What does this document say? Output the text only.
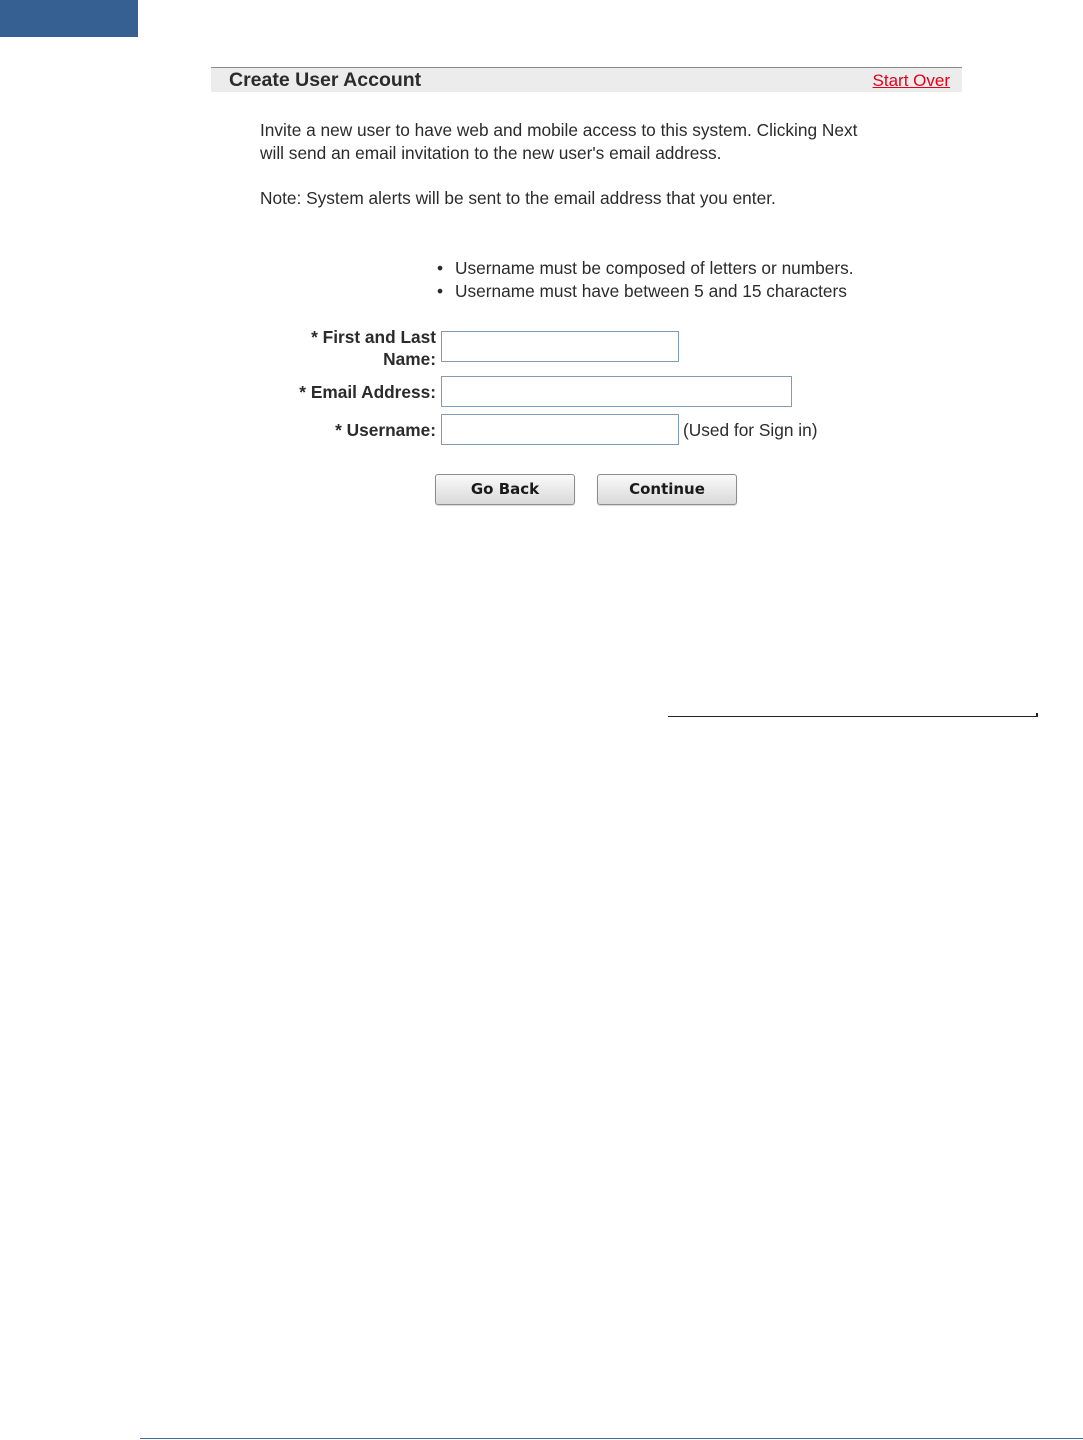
Create User Account	Start Over
Invite a new user to have web and mobile access to this system. Clicking Next
will send an email invitation to the new user's email address.
Note: System alerts will be sent to the email address that you enter.
• Username must be composed of letters or numbers.
• Username must have between 5 and 15 characters
* First and Last
Name:
* Email Address:
* Username:	(Used for Sign in)
Go Back	Continue
